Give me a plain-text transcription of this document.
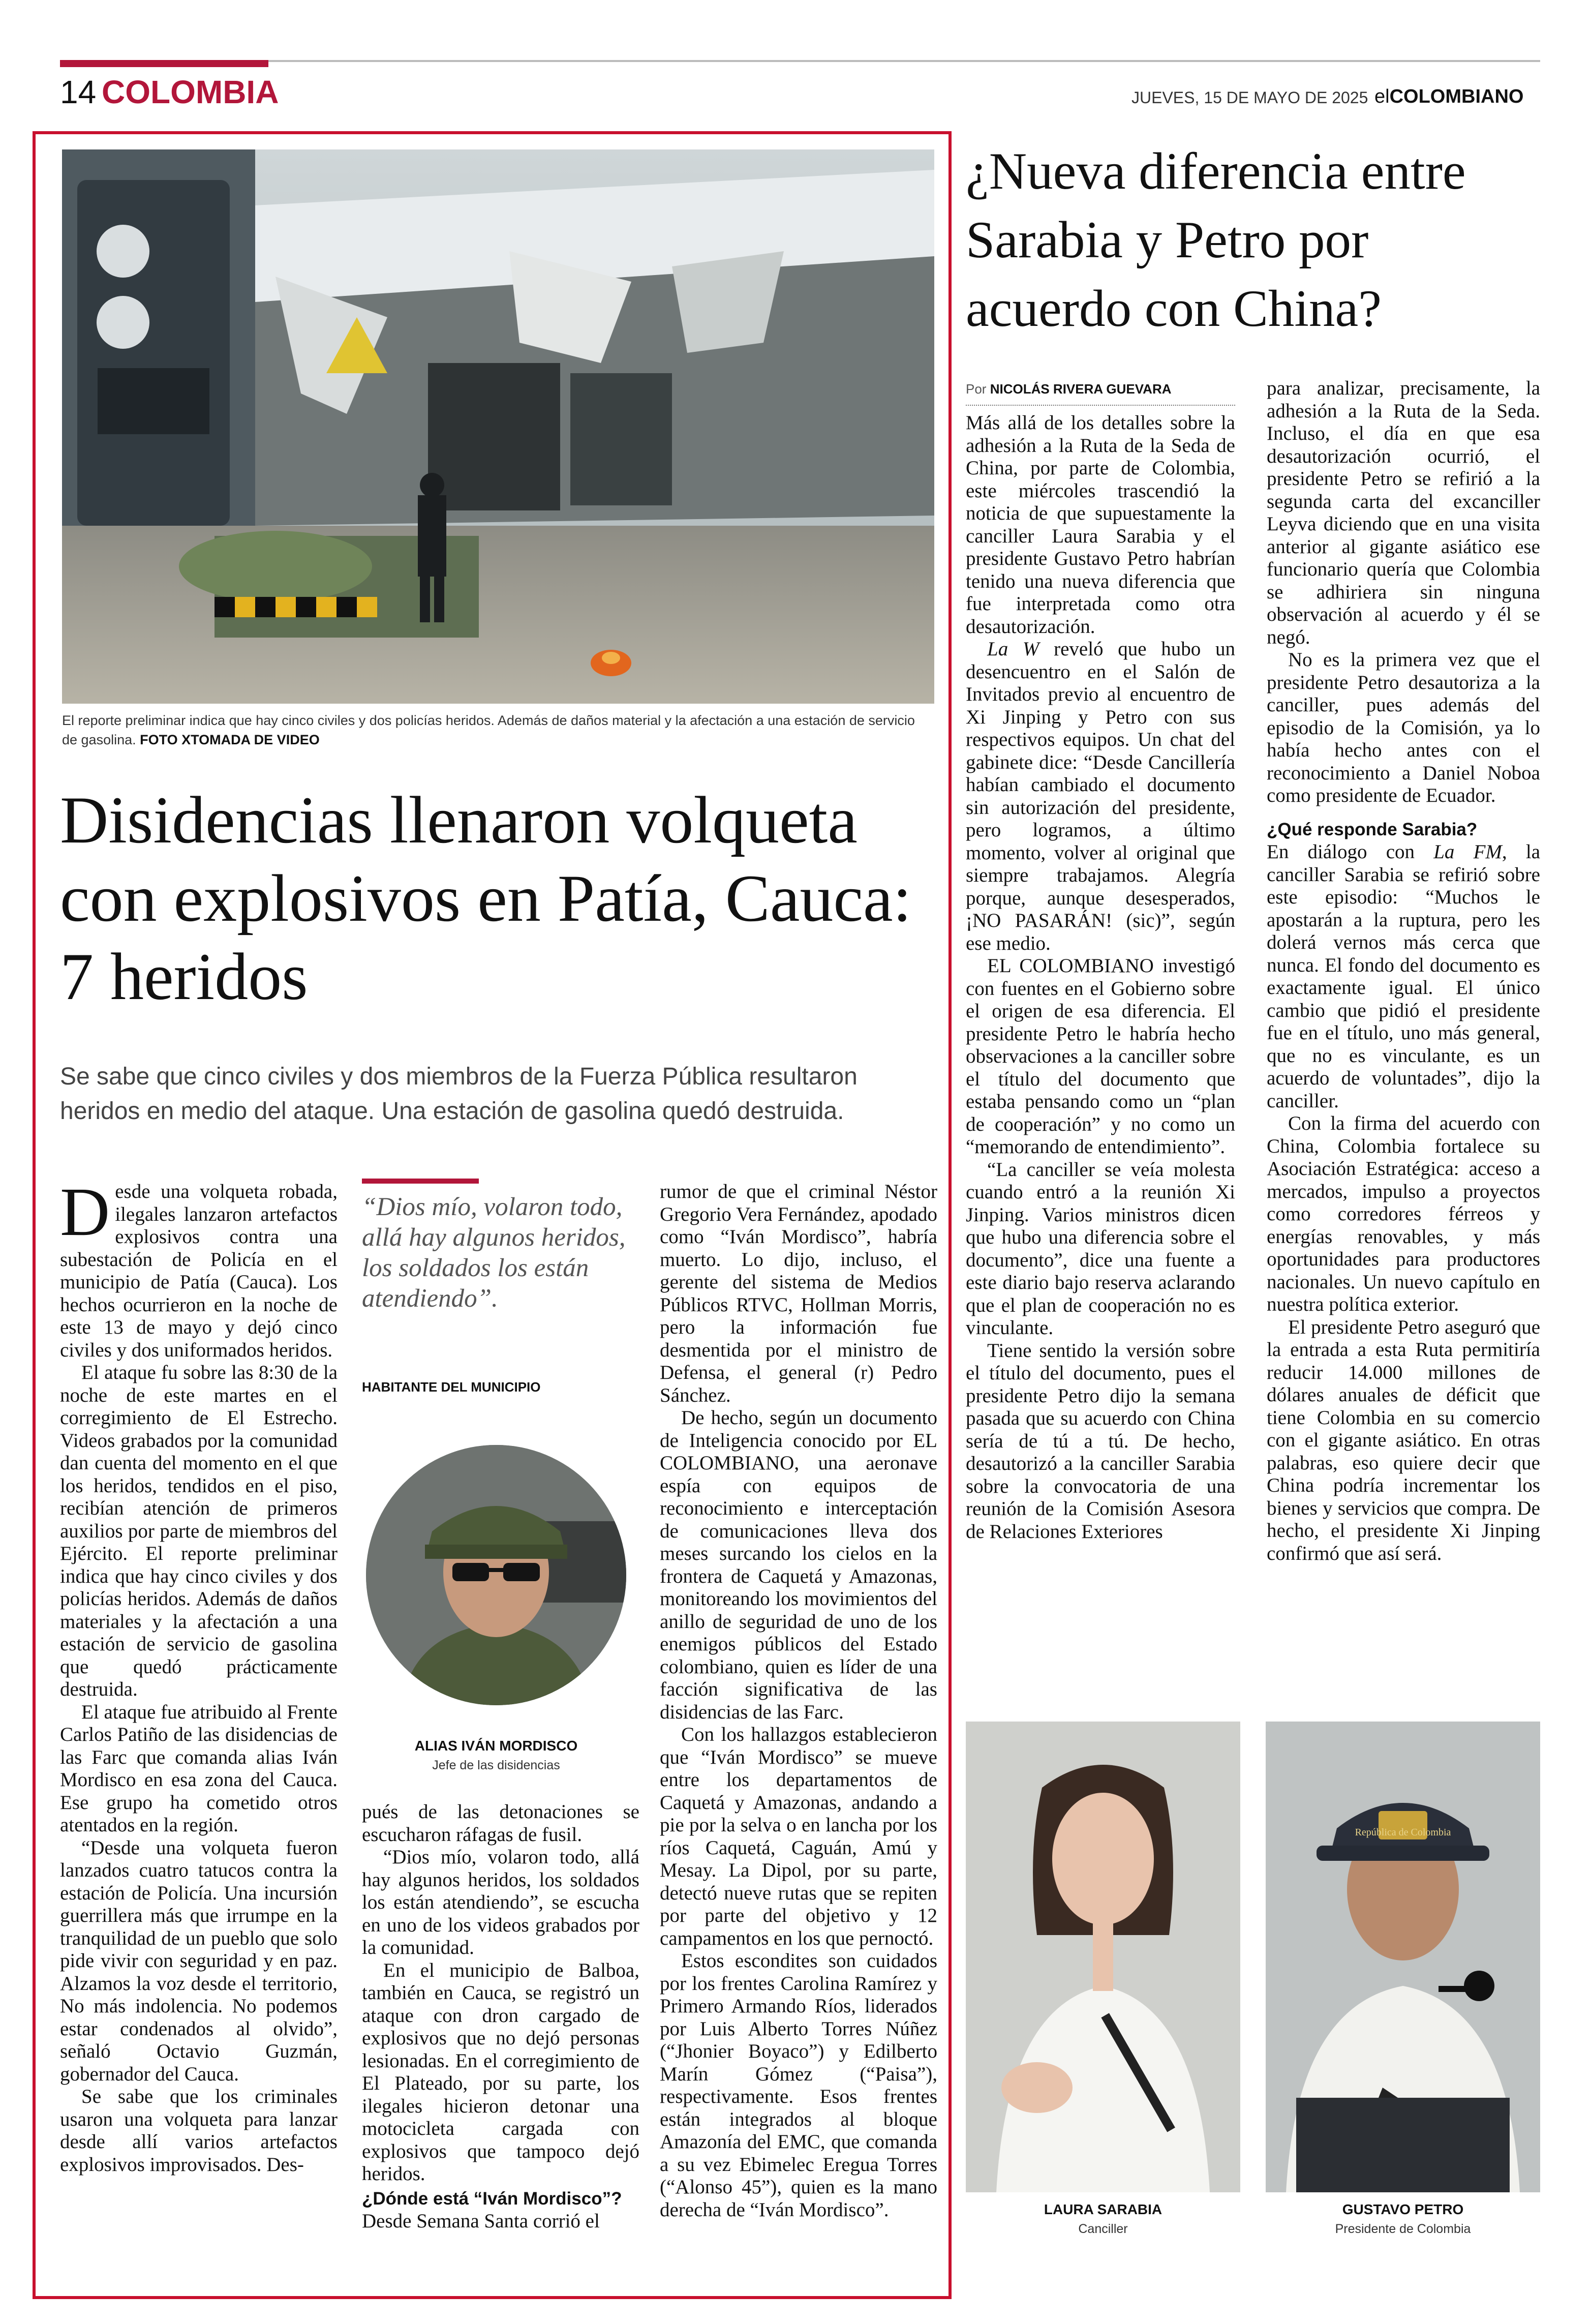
14 COLOMBIA	JUEVES, 15 DE MAYO DE 2025 elCOLOMBIANO
El reporte preliminar indica que hay cinco civiles y dos policías heridos. Además de daños material y la afectación a una estación de servicio de gasolina. FOTO XTOMADA DE VIDEO
Disidencias llenaron volqueta con explosivos en Patía, Cauca: 7 heridos
Se sabe que cinco civiles y dos miembros de la Fuerza Pública resultaron heridos en medio del ataque. Una estación de gasolina quedó destruida.

Desde una volqueta robada, ilegales lanzaron artefactos explosivos contra una subestación de Policía en el municipio de Patía (Cauca). Los hechos ocurrieron en la noche de este 13 de mayo y dejó cinco civiles y dos uniformados heridos.

El ataque fu sobre las 8:30 de la noche de este martes en el corregimiento de El Estrecho. Videos grabados por la comunidad dan cuenta del momento en el que los heridos, tendidos en el piso, recibían atención de primeros auxilios por parte de miembros del Ejército. El reporte preliminar indica que hay cinco civiles y dos policías heridos. Además de daños materiales y la afectación a una estación de servicio de gasolina que quedó prácticamente destruida.

El ataque fue atribuido al Frente Carlos Patiño de las disidencias de las Farc que comanda alias Iván Mordisco en esa zona del Cauca. Ese grupo ha cometido otros atentados en la región.

“Desde una volqueta fueron lanzados cuatro tatucos contra la estación de Policía. Una incursión guerrillera más que irrumpe en la tranquilidad de un pueblo que solo pide vivir con seguridad y en paz. Alzamos la voz desde el territorio, No más indolencia. No podemos estar condenados al olvido”, señaló Octavio Guzmán, gobernador del Cauca.

Se sabe que los criminales usaron una volqueta para lanzar desde allí varios artefactos explosivos improvisados. Des-

“Dios mío, volaron todo, allá hay algunos heridos, los soldados los están atendiendo”.
HABITANTE DEL MUNICIPIO
ALIAS IVÁN MORDISCO
Jefe de las disidencias

pués de las detonaciones se escucharon ráfagas de fusil.

“Dios mío, volaron todo, allá hay algunos heridos, los soldados los están atendiendo”, se escucha en uno de los videos grabados por la comunidad.

En el municipio de Balboa, también en Cauca, se registró un ataque con dron cargado de explosivos que no dejó personas lesionadas. En el corregimiento de El Plateado, por su parte, los ilegales hicieron detonar una motocicleta cargada con explosivos que tampoco dejó heridos.

¿Dónde está “Iván Mordisco”?

Desde Semana Santa corrió el

rumor de que el criminal Néstor Gregorio Vera Fernández, apodado como “Iván Mordisco”, habría muerto. Lo dijo, incluso, el gerente del sistema de Medios Públicos RTVC, Hollman Morris, pero la información fue desmentida por el ministro de Defensa, el general (r) Pedro Sánchez.

De hecho, según un documento de Inteligencia conocido por EL COLOMBIANO, una aeronave espía con equipos de reconocimiento e interceptación de comunicaciones lleva dos meses surcando los cielos en la frontera de Caquetá y Amazonas, monitoreando los movimientos del anillo de seguridad de uno de los enemigos públicos del Estado colombiano, quien es líder de una facción significativa de las disidencias de las Farc.

Con los hallazgos establecieron que “Iván Mordisco” se mueve entre los departamentos de Caquetá y Amazonas, andando a pie por la selva o en lancha por los ríos Caquetá, Caguán, Amú y Mesay. La Dipol, por su parte, detectó nueve rutas que se repiten por parte del objetivo y 12 campamentos en los que pernoctó.

Estos escondites son cuidados por los frentes Carolina Ramírez y Primero Armando Ríos, liderados por Luis Alberto Torres Núñez (“Jhonier Boyaco”) y Edilberto Marín Gómez (“Paisa”), respectivamente. Esos frentes están integrados al bloque Amazonía del EMC, que comanda a su vez Ebimelec Eregua Torres (“Alonso 45”), quien es la mano derecha de “Iván Mordisco”.

¿Nueva diferencia entre Sarabia y Petro por acuerdo con China?
Por NICOLÁS RIVERA GUEVARA

Más allá de los detalles sobre la adhesión a la Ruta de la Seda de China, por parte de Colombia, este miércoles trascendió la noticia de que supuestamente la canciller Laura Sarabia y el presidente Gustavo Petro habrían tenido una nueva diferencia que fue interpretada como otra desautorización.

La W reveló que hubo un desencuentro en el Salón de Invitados previo al encuentro de Xi Jinping y Petro con sus respectivos equipos. Un chat del gabinete dice: “Desde Cancillería habían cambiado el documento sin autorización del presidente, pero logramos, a último momento, volver al original que siempre trabajamos. Alegría porque, aunque desesperados, ¡NO PASARÁN! (sic)”, según ese medio.

EL COLOMBIANO investigó con fuentes en el Gobierno sobre el origen de esa diferencia. El presidente Petro le habría hecho observaciones a la canciller sobre el título del documento que estaba pensando como un “plan de cooperación” y no como un “memorando de entendimiento”.

“La canciller se veía molesta cuando entró a la reunión Xi Jinping. Varios ministros dicen que hubo una diferencia sobre el documento”, dice una fuente a este diario bajo reserva aclarando que el plan de cooperación no es vinculante.

Tiene sentido la versión sobre el título del documento, pues el presidente Petro dijo la semana pasada que su acuerdo con China sería de tú a tú. De hecho, desautorizó a la canciller Sarabia sobre la convocatoria de una reunión de la Comisión Asesora de Relaciones Exteriores

para analizar, precisamente, la adhesión a la Ruta de la Seda. Incluso, el día en que esa desautorización ocurrió, el presidente Petro se refirió a la segunda carta del excanciller Leyva diciendo que en una visita anterior al gigante asiático ese funcionario quería que Colombia se adhiriera sin ninguna observación al acuerdo y él se negó.

No es la primera vez que el presidente Petro desautoriza a la canciller, pues además del episodio de la Comisión, ya lo había hecho antes con el reconocimiento a Daniel Noboa como presidente de Ecuador.

¿Qué responde Sarabia?

En diálogo con La FM, la canciller Sarabia se refirió sobre este episodio: “Muchos le apostarán a la ruptura, pero les dolerá vernos más cerca que nunca. El fondo del documento es exactamente igual. El único cambio que pidió el presidente fue en el título, uno más general, que no es vinculante, es un acuerdo de voluntades”, dijo la canciller.

Con la firma del acuerdo con China, Colombia fortalece su Asociación Estratégica: acceso a mercados, impulso a proyectos como corredores férreos y energías renovables, y más oportunidades para productores nacionales. Un nuevo capítulo en nuestra política exterior.

El presidente Petro aseguró que la entrada a esta Ruta permitiría reducir 14.000 millones de dólares anuales de déficit que tiene Colombia en su comercio con el gigante asiático. En otras palabras, eso quiere decir que China podría incrementar los bienes y servicios que compra. De hecho, el presidente Xi Jinping confirmó que así será.

LAURA SARABIA
Canciller
República de Colombia
GUSTAVO PETRO
Presidente de Colombia
